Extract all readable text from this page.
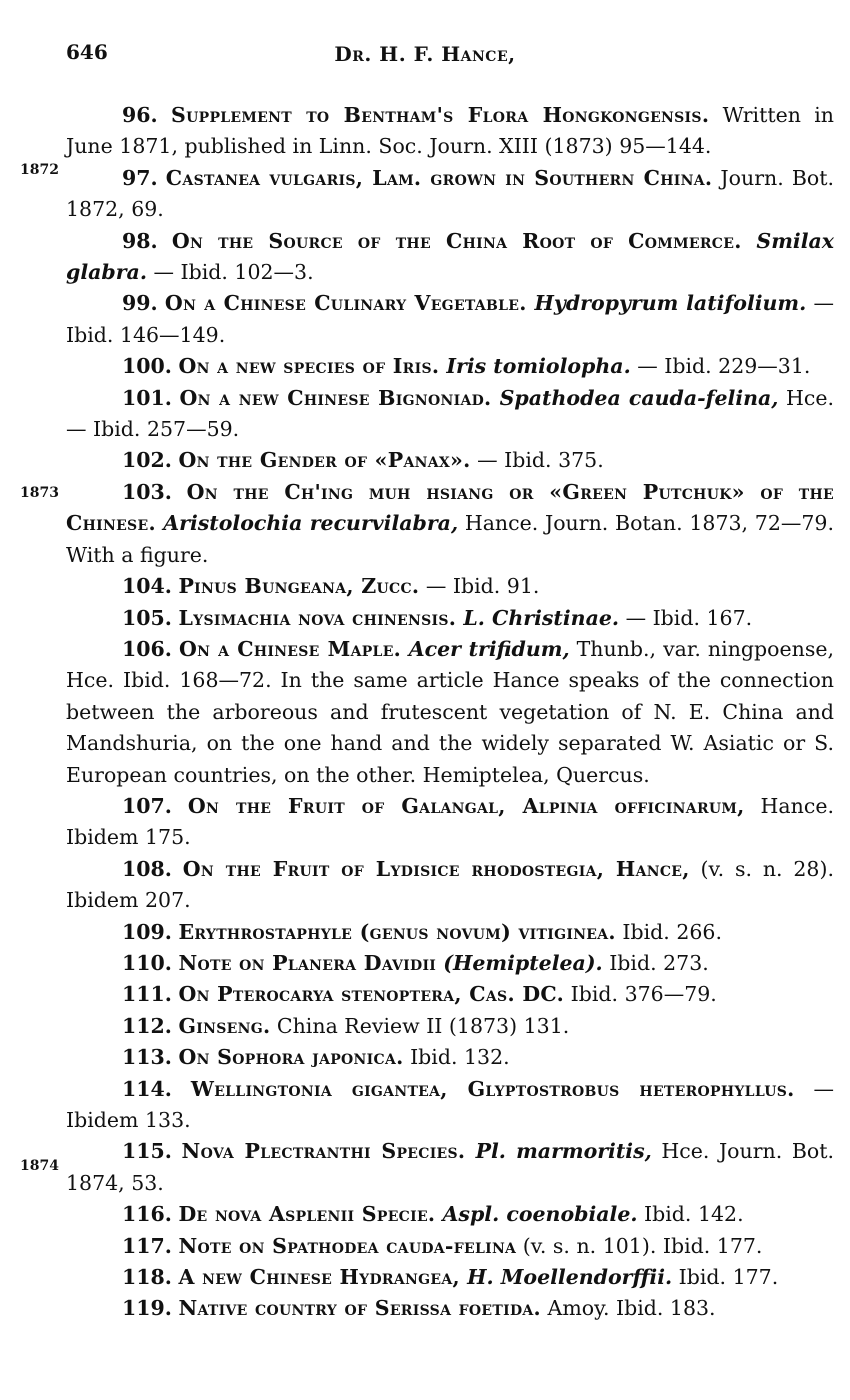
646	Dr. H. F. Hance,
1872
1873
1874

96. Supplement to Bentham's Flora Hongkongensis. Written in June 1871, published in Linn. Soc. Journ. XIII (1873) 95—144.

97. Castanea vulgaris, Lam. grown in Southern China. Journ. Bot. 1872, 69.

98. On the Source of the China Root of Commerce. Smilax glabra. — Ibid. 102—3.

99. On a Chinese Culinary Vegetable. Hydropyrum latifolium. — Ibid. 146—149.

100. On a new species of Iris. Iris tomiolopha. — Ibid. 229—31.

101. On a new Chinese Bignoniad. Spathodea cauda-felina, Hce. — Ibid. 257—59.

102. On the Gender of «Panax». — Ibid. 375.

103. On the Ch'ing muh hsiang or «Green Putchuk» of the Chinese. Aristolochia recurvilabra, Hance. Journ. Botan. 1873, 72—79. With a figure.

104. Pinus Bungeana, Zucc. — Ibid. 91.

105. Lysimachia nova chinensis. L. Christinae. — Ibid. 167.

106. On a Chinese Maple. Acer trifidum, Thunb., var. ningpoense, Hce. Ibid. 168—72. In the same article Hance speaks of the connection between the arboreous and frutescent vegetation of N. E. China and Mandshuria, on the one hand and the widely separated W. Asiatic or S. European countries, on the other. Hemiptelea, Quercus.

107. On the Fruit of Galangal, Alpinia officinarum, Hance. Ibidem 175.

108. On the Fruit of Lydisice rhodostegia, Hance, (v. s. n. 28). Ibidem 207.

109. Erythrostaphyle (genus novum) vitiginea. Ibid. 266.

110. Note on Planera Davidii (Hemiptelea). Ibid. 273.

111. On Pterocarya stenoptera, Cas. DC. Ibid. 376—79.

112. Ginseng. China Review II (1873) 131.

113. On Sophora japonica. Ibid. 132.

114. Wellingtonia gigantea, Glyptostrobus heterophyllus. — Ibidem 133.

115. Nova Plectranthi Species. Pl. marmoritis, Hce. Journ. Bot. 1874, 53.

116. De nova Asplenii Specie. Aspl. coenobiale. Ibid. 142.

117. Note on Spathodea cauda-felina (v. s. n. 101). Ibid. 177.

118. A new Chinese Hydrangea, H. Moellendorffii. Ibid. 177.

119. Native country of Serissa foetida. Amoy. Ibid. 183.
